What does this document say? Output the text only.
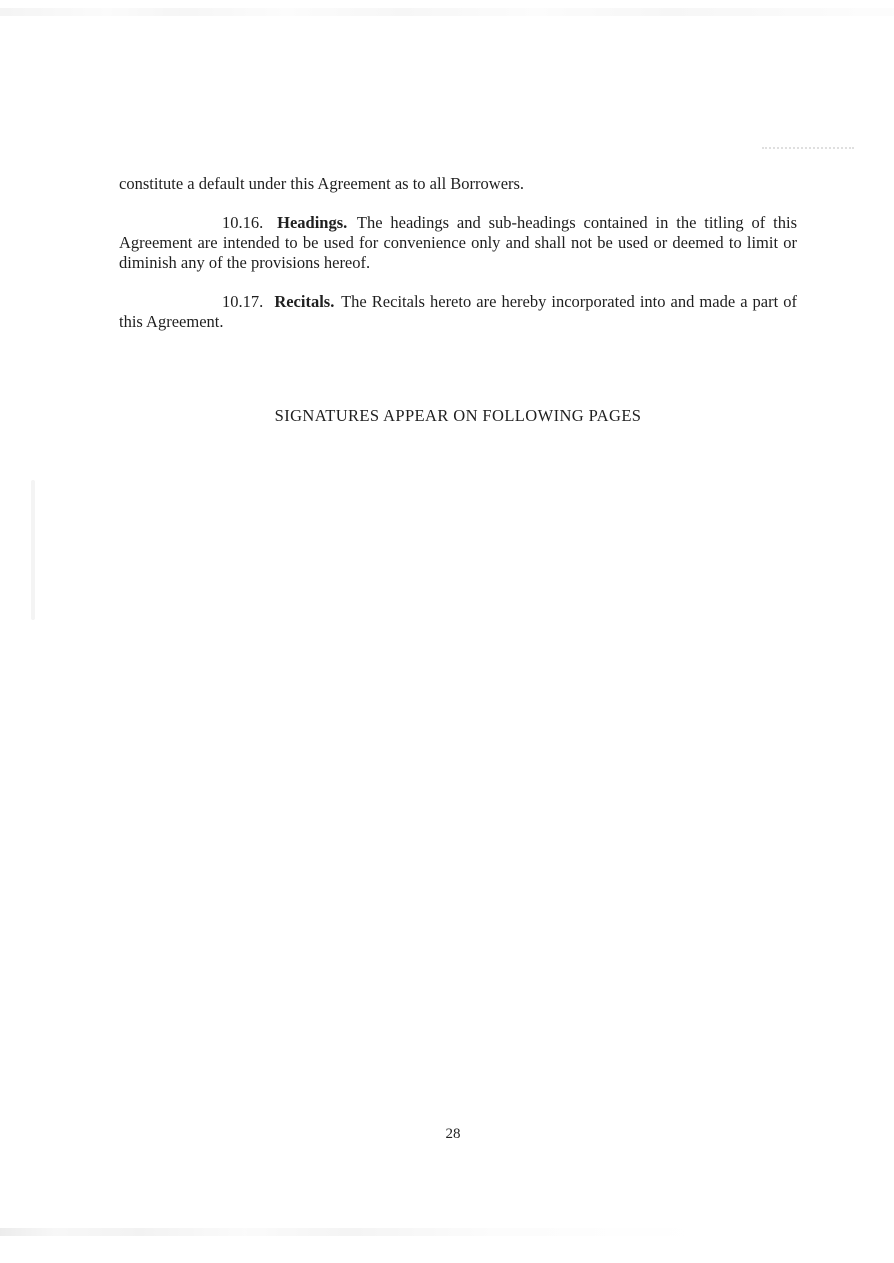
constitute a default under this Agreement as to all Borrowers.

10.16. Headings. The headings and sub-headings contained in the titling of this Agreement are intended to be used for convenience only and shall not be used or deemed to limit or diminish any of the provisions hereof.

10.17. Recitals. The Recitals hereto are hereby incorporated into and made a part of this Agreement.

SIGNATURES APPEAR ON FOLLOWING PAGES
28
